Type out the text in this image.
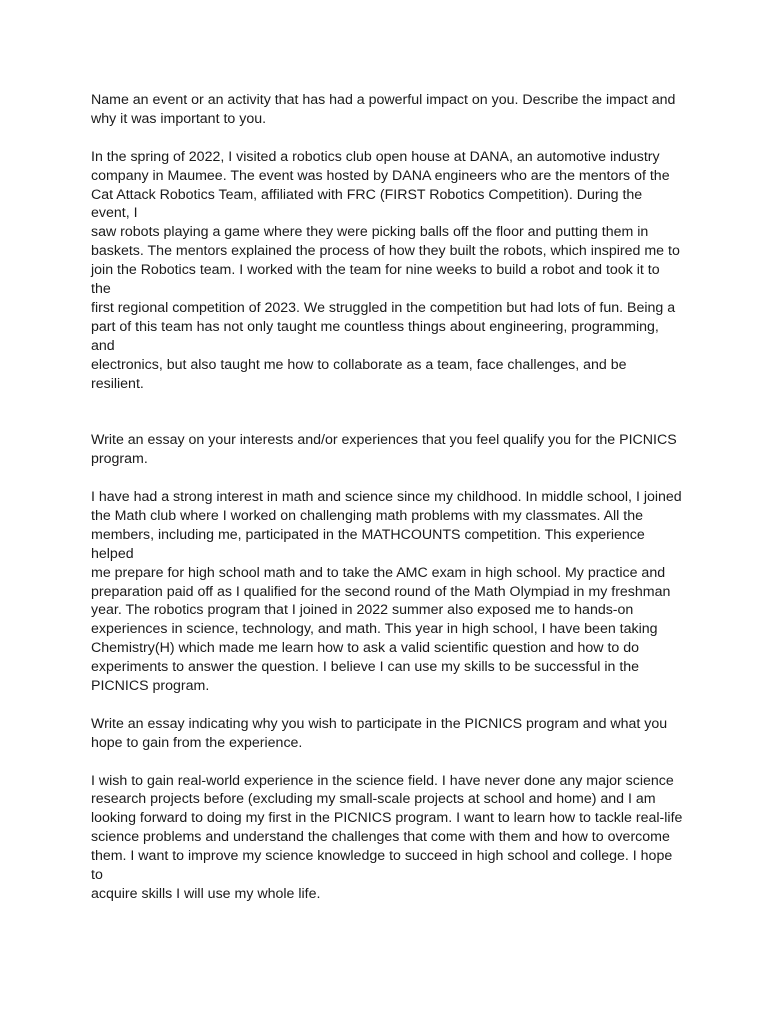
Name an event or an activity that has had a powerful impact on you. Describe the impact and
why it was important to you.

In the spring of 2022, I visited a robotics club open house at DANA, an automotive industry
company in Maumee. The event was hosted by DANA engineers who are the mentors of the
Cat Attack Robotics Team, affiliated with FRC (FIRST Robotics Competition). During the event, I
saw robots playing a game where they were picking balls off the floor and putting them in
baskets. The mentors explained the process of how they built the robots, which inspired me to
join the Robotics team. I worked with the team for nine weeks to build a robot and took it to the
first regional competition of 2023. We struggled in the competition but had lots of fun. Being a
part of this team has not only taught me countless things about engineering, programming, and
electronics, but also taught me how to collaborate as a team, face challenges, and be resilient.

Write an essay on your interests and/or experiences that you feel qualify you for the PICNICS
program.

I have had a strong interest in math and science since my childhood. In middle school, I joined
the Math club where I worked on challenging math problems with my classmates. All the
members, including me, participated in the MATHCOUNTS competition. This experience helped
me prepare for high school math and to take the AMC exam in high school. My practice and
preparation paid off as I qualified for the second round of the Math Olympiad in my freshman
year. The robotics program that I joined in 2022 summer also exposed me to hands-on
experiences in science, technology, and math. This year in high school, I have been taking
Chemistry(H) which made me learn how to ask a valid scientific question and how to do
experiments to answer the question. I believe I can use my skills to be successful in the
PICNICS program.

Write an essay indicating why you wish to participate in the PICNICS program and what you
hope to gain from the experience.

I wish to gain real-world experience in the science field. I have never done any major science
research projects before (excluding my small-scale projects at school and home) and I am
looking forward to doing my first in the PICNICS program. I want to learn how to tackle real-life
science problems and understand the challenges that come with them and how to overcome
them. I want to improve my science knowledge to succeed in high school and college. I hope to
acquire skills I will use my whole life.
